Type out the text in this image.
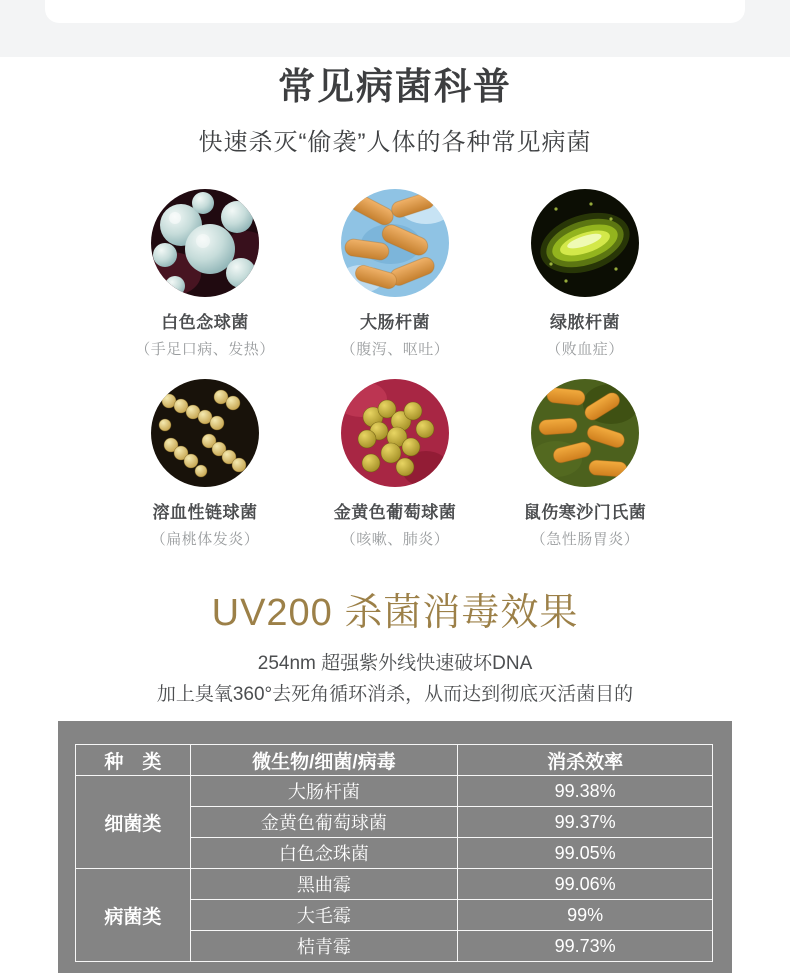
常见病菌科普

快速杀灭“偷袭”人体的各种常见病菌

白色念球菌
（手足口病、发热）
大肠杆菌
（腹泻、呕吐）
绿脓杆菌
（败血症）
溶血性链球菌
（扁桃体发炎）
金黄色葡萄球菌
（咳嗽、肺炎）
鼠伤寒沙门氏菌
（急性肠胃炎）
UV200 杀菌消毒效果
254nm 超强紫外线快速破坏DNA
加上臭氧360°去死角循环消杀，从而达到彻底灭活菌目的
种　类	微生物/细菌/病毒	消杀效率
细菌类	大肠杆菌	99.38%
	金黄色葡萄球菌	99.37%
	白色念珠菌	99.05%
病菌类	黑曲霉	99.06%
	大毛霉	99%
	桔青霉	99.73%
